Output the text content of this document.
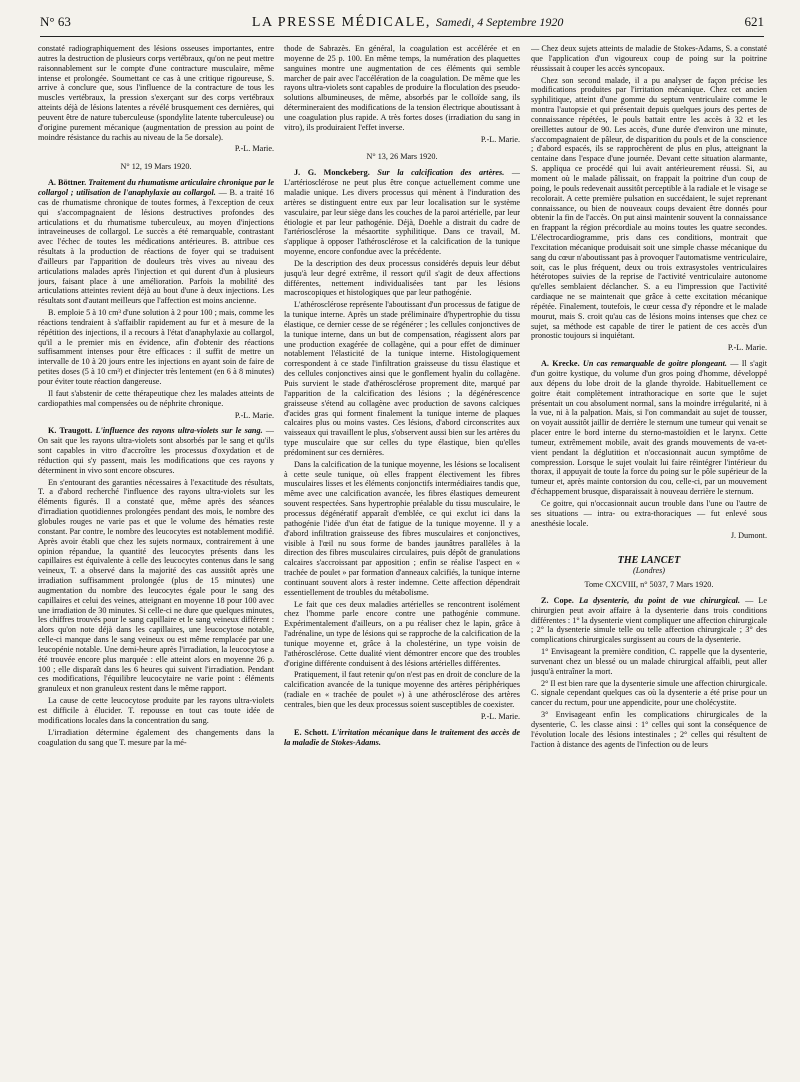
N° 63	LA PRESSE MÉDICALE, Samedi, 4 Septembre 1920	621

constaté radiographiquement des lésions osseuses importantes, entre autres la destruction de plusieurs corps vertébraux, qu'on ne peut mettre raisonnablement sur le compte d'une contracture musculaire, même intense et prolongée. Soumettant ce cas à une critique rigoureuse, S. arrive à conclure que, sous l'influence de la contracture de tous les muscles vertébraux, la pression s'exerçant sur des corps vertébraux atteints déjà de lésions latentes a révélé brusquement ces dernières, qui peuvent être de nature tuberculeuse (spondylite latente tuberculeuse) ou d'origine purement mécanique (augmentation de pression au point de moindre résistance du rachis au niveau de la 5e dorsale).

P.-L. Marie.

N° 12, 19 Mars 1920.

A. Böttner. Traitement du rhumatisme articulaire chronique par le collargol ; utilisation de l'anaphylaxie au collargol. — B. a traité 16 cas de rhumatisme chronique de toutes formes, à l'exception de ceux qui s'accompagnaient de lésions destructives profondes des articulations et du rhumatisme tuberculeux, au moyen d'injections intraveineuses de collargol. Le succès a été remarquable, contrastant avec l'échec de toutes les médications antérieures. B. attribue ces résultats à la production de réactions de foyer qui se traduisent d'ailleurs par l'apparition de douleurs très vives au niveau des articulations malades après l'injection et qui durent d'un à plusieurs jours, faisant place à une amélioration. Parfois la mobilité des articulations atteintes revient déjà au bout d'une à deux injections. Les résultats sont d'autant meilleurs que l'affection est moins ancienne.

B. emploie 5 à 10 cm³ d'une solution à 2 pour 100 ; mais, comme les réactions tendraient à s'affaiblir rapidement au fur et à mesure de la répétition des injections, il a recours à l'état d'anaphylaxie au collargol, qu'il a le premier mis en évidence, afin d'obtenir des réactions suffisamment intenses pour être efficaces : il suffit de mettre un intervalle de 10 à 20 jours entre les injections en ayant soin de faire de petites doses (5 à 10 cm³) et d'injecter très lentement (en 6 à 8 minutes) pour éviter toute réaction dangereuse.

Il faut s'abstenir de cette thérapeutique chez les malades atteints de cardiopathies mal compensées ou de néphrite chronique.

P.-L. Marie.

K. Traugott. L'influence des rayons ultra-violets sur le sang. — On sait que les rayons ultra-violets sont absorbés par le sang et qu'ils sont capables in vitro d'accroître les processus d'oxydation et de réduction qui s'y passent, mais les modifications que ces rayons y déterminent in vivo sont encore obscures.

En s'entourant des garanties nécessaires à l'exactitude des résultats, T. a d'abord recherché l'influence des rayons ultra-violets sur les éléments figurés. Il a constaté que, même après des séances d'irradiation quotidiennes prolongées pendant des mois, le nombre des globules rouges ne varie pas et que le volume des hématies reste constant. Par contre, le nombre des leucocytes est notablement modifié. Après avoir établi que chez les sujets normaux, contrairement à une opinion répandue, la quantité des leucocytes présents dans les capillaires est équivalente à celle des leucocytes contenus dans le sang veineux, T. a observé dans la majorité des cas aussitôt après une irradiation suffisamment prolongée (plus de 15 minutes) une augmentation du nombre des leucocytes égale pour le sang des capillaires et celui des veines, atteignant en moyenne 18 pour 100 avec une irradiation de 30 minutes. Si celle-ci ne dure que quelques minutes, les chiffres trouvés pour le sang capillaire et le sang veineux diffèrent : alors qu'on note déjà dans les capillaires, une leucocytose notable, celle-ci manque dans le sang veineux ou est même remplacée par une leucopénie notable. Une demi-heure après l'irradiation, la leucocytose a été trouvée encore plus marquée : elle atteint alors en moyenne 26 p. 100 ; elle disparaît dans les 6 heures qui suivent l'irradiation. Pendant ces modifications, l'équilibre leucocytaire ne varie point : éléments granuleux et non granuleux restent dans le même rapport.

La cause de cette leucocytose produite par les rayons ultra-violets est difficile à élucider. T. repousse en tout cas toute idée de modifications locales dans la concentration du sang.

L'irradiation détermine également des changements dans la coagulation du sang que T. mesure par la mé-

thode de Sabrazès. En général, la coagulation est accélérée et en moyenne de 25 p. 100. En même temps, la numération des plaquettes sanguines montre une augmentation de ces éléments qui semble marcher de pair avec l'accélération de la coagulation. De même que les rayons ultra-violets sont capables de produire la floculation des pseudo-solutions albumineuses, de même, absorbés par le colloïde sang, ils détermineraient des modifications de la tension électrique aboutissant à une coagulation plus rapide. A très fortes doses (irradiation du sang in vitro), ils produiraient l'effet inverse.

P.-L. Marie.

N° 13, 26 Mars 1920.

J. G. Monckeberg. Sur la calcification des artères. — L'artériosclérose ne peut plus être conçue actuellement comme une maladie unique. Les divers processus qui mènent à l'induration des artères se distinguent entre eux par leur localisation sur le système vasculaire, par leur siège dans les couches de la paroi artérielle, par leur étiologie et par leur pathogénie. Déjà, Doehle a distrait du cadre de l'artériosclérose la mésaortite syphilitique. Dans ce travail, M. s'applique à opposer l'athérosclérose et la calcification de la tunique moyenne, encore confondue avec la précédente.

De la description des deux processus considérés depuis leur début jusqu'à leur degré extrême, il ressort qu'il s'agit de deux affections différentes, nettement individualisées tant par les lésions macroscopiques et histologiques que par leur pathogénie.

L'athérosclérose représente l'aboutissant d'un processus de fatigue de la tunique interne. Après un stade préliminaire d'hypertrophie du tissu élastique, ce dernier cesse de se régénérer ; les cellules conjonctives de la tunique interne, dans un but de compensation, réagissent alors par une production exagérée de collagène, qui a pour effet de diminuer notablement l'élasticité de la tunique interne. Histologiquement correspondent à ce stade l'infiltration graisseuse du tissu élastique et des cellules conjonctives ainsi que le gonflement hyalin du collagène. Puis survient le stade d'athérosclérose proprement dite, marqué par l'apparition de la calcification des lésions ; la dégénérescence graisseuse s'étend au collagène avec production de savons calciques d'acides gras qui forment finalement la tunique interne de plaques calcaires plus ou moins vastes. Ces lésions, d'abord circonscrites aux vaisseaux qui travaillent le plus, s'observent aussi bien sur les artères du type musculaire que sur celles du type élastique, bien qu'elles prédominent sur ces dernières.

Dans la calcification de la tunique moyenne, les lésions se localisent à cette seule tunique, où elles frappent électivement les fibres musculaires lisses et les éléments conjonctifs intermédiaires tandis que, même avec une calcification avancée, les fibres élastiques demeurent souvent respectées. Sans hypertrophie préalable du tissu musculaire, le processus dégénératif apparaît d'emblée, ce qui exclut ici dans la pathogénie l'idée d'un état de fatigue de la tunique moyenne. Il y a d'abord infiltration graisseuse des fibres musculaires et conjonctives, visible à l'œil nu sous forme de bandes jaunâtres parallèles à la direction des fibres musculaires circulaires, puis dépôt de granulations calcaires s'accroissant par apposition ; enfin se réalise l'aspect en « trachée de poulet » par formation d'anneaux calcifiés, la tunique interne continuant souvent alors à rester indemne. Cette affection dépendrait essentiellement de troubles du métabolisme.

Le fait que ces deux maladies artérielles se rencontrent isolément chez l'homme parle encore contre une pathogénie commune. Expérimentalement d'ailleurs, on a pu réaliser chez le lapin, grâce à l'adrénaline, un type de lésions qui se rapproche de la calcification de la tunique moyenne et, grâce à la cholestérine, un type voisin de l'athérosclérose. Cette dualité vient démontrer encore que des troubles d'origine différente conduisent à des lésions artérielles différentes.

Pratiquement, il faut retenir qu'on n'est pas en droit de conclure de la calcification avancée de la tunique moyenne des artères périphériques (radiale en « trachée de poulet ») à une athérosclérose des artères centrales, bien que les deux processus soient susceptibles de coexister.

P.-L. Marie.

E. Schott. L'irritation mécanique dans le traitement des accès de la maladie de Stokes-Adams.

— Chez deux sujets atteints de maladie de Stokes-Adams, S. a constaté que l'application d'un vigoureux coup de poing sur la poitrine réussissait à couper les accès syncopaux.

Chez son second malade, il a pu analyser de façon précise les modifications produites par l'irritation mécanique. Chez cet ancien syphilitique, atteint d'une gomme du septum ventriculaire comme le montra l'autopsie et qui présentait depuis quelques jours des pertes de connaissance répétées, le pouls battait entre les accès à 32 et les oreillettes autour de 90. Les accès, d'une durée d'environ une minute, s'accompagnaient de pâleur, de disparition du pouls et de la conscience ; d'abord espacés, ils se rapprochèrent de plus en plus, atteignant la centaine dans l'espace d'une journée. Devant cette situation alarmante, S. appliqua ce procédé qui lui avait antérieurement réussi. Si, au moment où le malade pâlissait, on frappait la poitrine d'un coup de poing, le pouls redevenait aussitôt perceptible à la radiale et le visage se recolorait. A cette première pulsation en succédaient, le sujet reprenant connaissance, ou bien de nouveaux coups devaient être donnés pour obtenir la fin de l'accès. On put ainsi maintenir souvent la connaissance en frappant la région précordiale au moins toutes les quatre secondes. L'électrocardiogramme, pris dans ces conditions, montrait que l'excitation mécanique produisait soit une simple chasse mécanique du sang du cœur n'aboutissant pas à provoquer l'automatisme ventriculaire, soit, cas le plus fréquent, deux ou trois extrasystoles ventriculaires hétérotopes suivies de la reprise de l'activité ventriculaire autonome qu'elles semblaient déclancher. S. a eu l'impression que l'activité cardiaque ne se maintenait que grâce à cette excitation mécanique répétée. Finalement, toutefois, le cœur cessa d'y répondre et le malade mourut, mais S. croit qu'au cas de lésions moins intenses que chez ce sujet, sa méthode est capable de tirer le patient de ces accès d'un pronostic toujours si inquiétant.

P.-L. Marie.

A. Krecke. Un cas remarquable de goitre plongeant. — Il s'agit d'un goitre kystique, du volume d'un gros poing d'homme, développé aux dépens du lobe droit de la glande thyroïde. Habituellement ce goitre était complètement intrathoracique en sorte que le sujet présentait un cou absolument normal, sans la moindre irrégularité, ni à la vue, ni à la palpation. Mais, si l'on commandait au sujet de tousser, on voyait aussitôt jaillir de derrière le sternum une tumeur qui venait se placer entre le bord interne du sterno-mastoïdien et le larynx. Cette tumeur, extrêmement mobile, avait des grands mouvements de va-et-vient pendant la déglutition et n'occasionnait aucun symptôme de compression. Lorsque le sujet voulait lui faire réintégrer l'intérieur du thorax, il appuyait de toute la force du poing sur le pôle supérieur de la tumeur et, après mainte contorsion du cou, celle-ci, par un mouvement d'échappement brusque, disparaissait à nouveau derrière le sternum.

Ce goitre, qui n'occasionnait aucun trouble dans l'une ou l'autre de ses situations — intra- ou extra-thoraciques — fut enlevé sous anesthésie locale.

J. Dumont.

THE LANCET

(Londres)

Tome CXCVIII, n° 5037, 7 Mars 1920.

Z. Cope. La dysenterie, du point de vue chirurgical. — Le chirurgien peut avoir affaire à la dysenterie dans trois conditions différentes : 1° la dysenterie vient compliquer une affection chirurgicale ; 2° la dysenterie simule telle ou telle affection chirurgicale ; 3° des complications chirurgicales surgissent au cours de la dysenterie.

1° Envisageant la première condition, C. rappelle que la dysenterie, survenant chez un blessé ou un malade chirurgical affaibli, peut aller jusqu'à entraîner la mort.

2° Il est bien rare que la dysenterie simule une affection chirurgicale. C. signale cependant quelques cas où la dysenterie a été prise pour un cancer du rectum, pour une appendicite, pour une cholécystite.

3° Envisageant enfin les complications chirurgicales de la dysenterie, C. les classe ainsi : 1° celles qui sont la conséquence de l'évolution locale des lésions intestinales ; 2° celles qui résultent de l'action à distance des agents de l'infection ou de leurs
